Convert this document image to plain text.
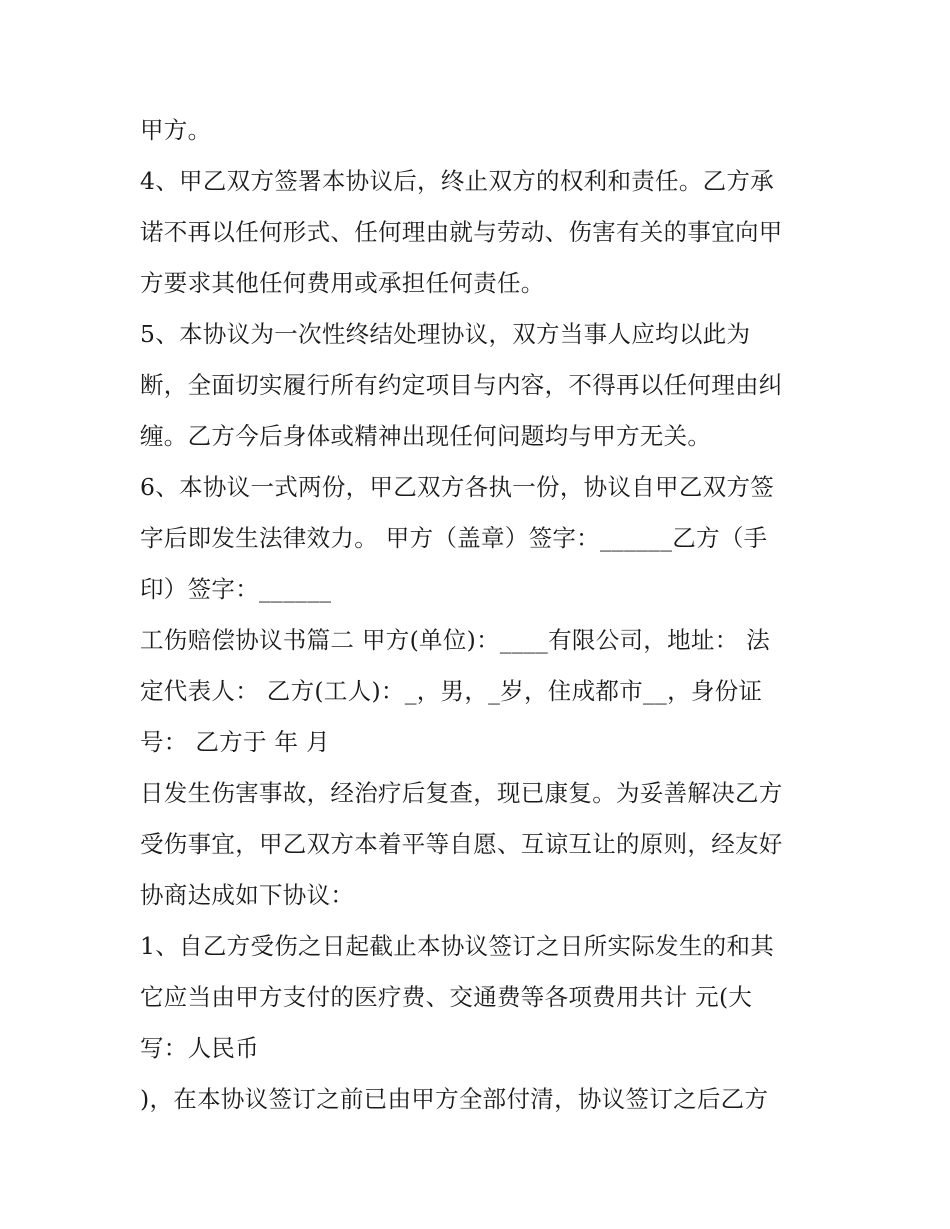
甲方。
4、甲乙双方签署本协议后，终止双方的权利和责任。乙方承
诺不再以任何形式、任何理由就与劳动、伤害有关的事宜向甲
方要求其他任何费用或承担任何责任。
5、本协议为一次性终结处理协议，双方当事人应均以此为
断，全面切实履行所有约定项目与内容，不得再以任何理由纠
缠。乙方今后身体或精神出现任何问题均与甲方无关。
6、本协议一式两份，甲乙双方各执一份，协议自甲乙双方签
字后即发生法律效力。 甲方（盖章）签字：______乙方（手
印）签字：______
工伤赔偿协议书篇二 甲方(单位)：____有限公司，地址： 法
定代表人： 乙方(工人)：_，男，_岁，住成都市__，身份证
号： 乙方于 年 月
日发生伤害事故，经治疗后复查，现已康复。为妥善解决乙方
受伤事宜，甲乙双方本着平等自愿、互谅互让的原则，经友好
协商达成如下协议：
1、自乙方受伤之日起截止本协议签订之日所实际发生的和其
它应当由甲方支付的医疗费、交通费等各项费用共计 元(大
写：人民币
)，在本协议签订之前已由甲方全部付清，协议签订之后乙方
